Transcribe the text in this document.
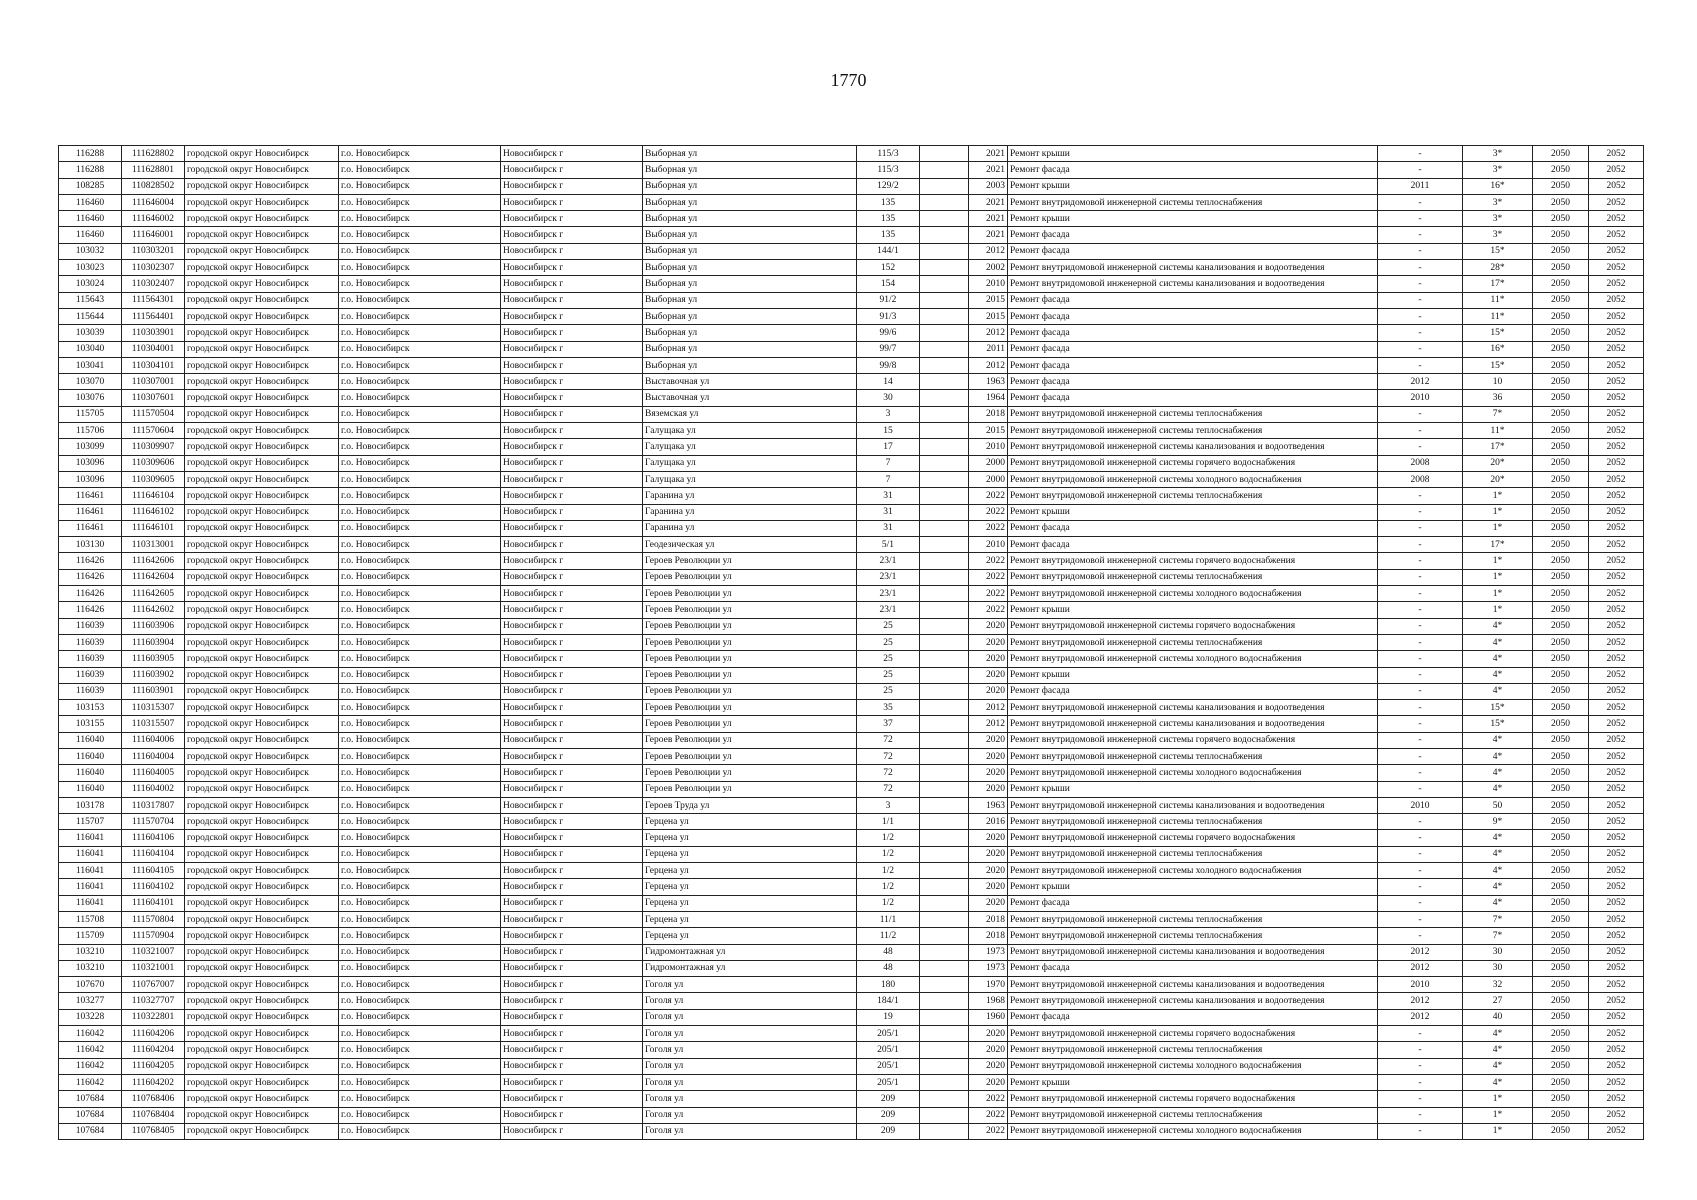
1770
116288	111628802	городской округ Новосибирск	г.о. Новосибирск	Новосибирск г	Выборная ул	115/3		2021	Ремонт крыши	-	3*	2050	2052
116288	111628801	городской округ Новосибирск	г.о. Новосибирск	Новосибирск г	Выборная ул	115/3		2021	Ремонт фасада	-	3*	2050	2052
108285	110828502	городской округ Новосибирск	г.о. Новосибирск	Новосибирск г	Выборная ул	129/2		2003	Ремонт крыши	2011	16*	2050	2052
116460	111646004	городской округ Новосибирск	г.о. Новосибирск	Новосибирск г	Выборная ул	135		2021	Ремонт внутридомовой инженерной системы теплоснабжения	-	3*	2050	2052
116460	111646002	городской округ Новосибирск	г.о. Новосибирск	Новосибирск г	Выборная ул	135		2021	Ремонт крыши	-	3*	2050	2052
116460	111646001	городской округ Новосибирск	г.о. Новосибирск	Новосибирск г	Выборная ул	135		2021	Ремонт фасада	-	3*	2050	2052
103032	110303201	городской округ Новосибирск	г.о. Новосибирск	Новосибирск г	Выборная ул	144/1		2012	Ремонт фасада	-	15*	2050	2052
103023	110302307	городской округ Новосибирск	г.о. Новосибирск	Новосибирск г	Выборная ул	152		2002	Ремонт внутридомовой инженерной системы канализования и водоотведения	-	28*	2050	2052
103024	110302407	городской округ Новосибирск	г.о. Новосибирск	Новосибирск г	Выборная ул	154		2010	Ремонт внутридомовой инженерной системы канализования и водоотведения	-	17*	2050	2052
115643	111564301	городской округ Новосибирск	г.о. Новосибирск	Новосибирск г	Выборная ул	91/2		2015	Ремонт фасада	-	11*	2050	2052
115644	111564401	городской округ Новосибирск	г.о. Новосибирск	Новосибирск г	Выборная ул	91/3		2015	Ремонт фасада	-	11*	2050	2052
103039	110303901	городской округ Новосибирск	г.о. Новосибирск	Новосибирск г	Выборная ул	99/6		2012	Ремонт фасада	-	15*	2050	2052
103040	110304001	городской округ Новосибирск	г.о. Новосибирск	Новосибирск г	Выборная ул	99/7		2011	Ремонт фасада	-	16*	2050	2052
103041	110304101	городской округ Новосибирск	г.о. Новосибирск	Новосибирск г	Выборная ул	99/8		2012	Ремонт фасада	-	15*	2050	2052
103070	110307001	городской округ Новосибирск	г.о. Новосибирск	Новосибирск г	Выставочная ул	14		1963	Ремонт фасада	2012	10	2050	2052
103076	110307601	городской округ Новосибирск	г.о. Новосибирск	Новосибирск г	Выставочная ул	30		1964	Ремонт фасада	2010	36	2050	2052
115705	111570504	городской округ Новосибирск	г.о. Новосибирск	Новосибирск г	Вяземская ул	3		2018	Ремонт внутридомовой инженерной системы теплоснабжения	-	7*	2050	2052
115706	111570604	городской округ Новосибирск	г.о. Новосибирск	Новосибирск г	Галущака ул	15		2015	Ремонт внутридомовой инженерной системы теплоснабжения	-	11*	2050	2052
103099	110309907	городской округ Новосибирск	г.о. Новосибирск	Новосибирск г	Галущака ул	17		2010	Ремонт внутридомовой инженерной системы канализования и водоотведения	-	17*	2050	2052
103096	110309606	городской округ Новосибирск	г.о. Новосибирск	Новосибирск г	Галущака ул	7		2000	Ремонт внутридомовой инженерной системы горячего водоснабжения	2008	20*	2050	2052
103096	110309605	городской округ Новосибирск	г.о. Новосибирск	Новосибирск г	Галущака ул	7		2000	Ремонт внутридомовой инженерной системы холодного водоснабжения	2008	20*	2050	2052
116461	111646104	городской округ Новосибирск	г.о. Новосибирск	Новосибирск г	Гаранина ул	31		2022	Ремонт внутридомовой инженерной системы теплоснабжения	-	1*	2050	2052
116461	111646102	городской округ Новосибирск	г.о. Новосибирск	Новосибирск г	Гаранина ул	31		2022	Ремонт крыши	-	1*	2050	2052
116461	111646101	городской округ Новосибирск	г.о. Новосибирск	Новосибирск г	Гаранина ул	31		2022	Ремонт фасада	-	1*	2050	2052
103130	110313001	городской округ Новосибирск	г.о. Новосибирск	Новосибирск г	Геодезическая ул	5/1		2010	Ремонт фасада	-	17*	2050	2052
116426	111642606	городской округ Новосибирск	г.о. Новосибирск	Новосибирск г	Героев Революции ул	23/1		2022	Ремонт внутридомовой инженерной системы горячего водоснабжения	-	1*	2050	2052
116426	111642604	городской округ Новосибирск	г.о. Новосибирск	Новосибирск г	Героев Революции ул	23/1		2022	Ремонт внутридомовой инженерной системы теплоснабжения	-	1*	2050	2052
116426	111642605	городской округ Новосибирск	г.о. Новосибирск	Новосибирск г	Героев Революции ул	23/1		2022	Ремонт внутридомовой инженерной системы холодного водоснабжения	-	1*	2050	2052
116426	111642602	городской округ Новосибирск	г.о. Новосибирск	Новосибирск г	Героев Революции ул	23/1		2022	Ремонт крыши	-	1*	2050	2052
116039	111603906	городской округ Новосибирск	г.о. Новосибирск	Новосибирск г	Героев Революции ул	25		2020	Ремонт внутридомовой инженерной системы горячего водоснабжения	-	4*	2050	2052
116039	111603904	городской округ Новосибирск	г.о. Новосибирск	Новосибирск г	Героев Революции ул	25		2020	Ремонт внутридомовой инженерной системы теплоснабжения	-	4*	2050	2052
116039	111603905	городской округ Новосибирск	г.о. Новосибирск	Новосибирск г	Героев Революции ул	25		2020	Ремонт внутридомовой инженерной системы холодного водоснабжения	-	4*	2050	2052
116039	111603902	городской округ Новосибирск	г.о. Новосибирск	Новосибирск г	Героев Революции ул	25		2020	Ремонт крыши	-	4*	2050	2052
116039	111603901	городской округ Новосибирск	г.о. Новосибирск	Новосибирск г	Героев Революции ул	25		2020	Ремонт фасада	-	4*	2050	2052
103153	110315307	городской округ Новосибирск	г.о. Новосибирск	Новосибирск г	Героев Революции ул	35		2012	Ремонт внутридомовой инженерной системы канализования и водоотведения	-	15*	2050	2052
103155	110315507	городской округ Новосибирск	г.о. Новосибирск	Новосибирск г	Героев Революции ул	37		2012	Ремонт внутридомовой инженерной системы канализования и водоотведения	-	15*	2050	2052
116040	111604006	городской округ Новосибирск	г.о. Новосибирск	Новосибирск г	Героев Революции ул	72		2020	Ремонт внутридомовой инженерной системы горячего водоснабжения	-	4*	2050	2052
116040	111604004	городской округ Новосибирск	г.о. Новосибирск	Новосибирск г	Героев Революции ул	72		2020	Ремонт внутридомовой инженерной системы теплоснабжения	-	4*	2050	2052
116040	111604005	городской округ Новосибирск	г.о. Новосибирск	Новосибирск г	Героев Революции ул	72		2020	Ремонт внутридомовой инженерной системы холодного водоснабжения	-	4*	2050	2052
116040	111604002	городской округ Новосибирск	г.о. Новосибирск	Новосибирск г	Героев Революции ул	72		2020	Ремонт крыши	-	4*	2050	2052
103178	110317807	городской округ Новосибирск	г.о. Новосибирск	Новосибирск г	Героев Труда ул	3		1963	Ремонт внутридомовой инженерной системы канализования и водоотведения	2010	50	2050	2052
115707	111570704	городской округ Новосибирск	г.о. Новосибирск	Новосибирск г	Герцена ул	1/1		2016	Ремонт внутридомовой инженерной системы теплоснабжения	-	9*	2050	2052
116041	111604106	городской округ Новосибирск	г.о. Новосибирск	Новосибирск г	Герцена ул	1/2		2020	Ремонт внутридомовой инженерной системы горячего водоснабжения	-	4*	2050	2052
116041	111604104	городской округ Новосибирск	г.о. Новосибирск	Новосибирск г	Герцена ул	1/2		2020	Ремонт внутридомовой инженерной системы теплоснабжения	-	4*	2050	2052
116041	111604105	городской округ Новосибирск	г.о. Новосибирск	Новосибирск г	Герцена ул	1/2		2020	Ремонт внутридомовой инженерной системы холодного водоснабжения	-	4*	2050	2052
116041	111604102	городской округ Новосибирск	г.о. Новосибирск	Новосибирск г	Герцена ул	1/2		2020	Ремонт крыши	-	4*	2050	2052
116041	111604101	городской округ Новосибирск	г.о. Новосибирск	Новосибирск г	Герцена ул	1/2		2020	Ремонт фасада	-	4*	2050	2052
115708	111570804	городской округ Новосибирск	г.о. Новосибирск	Новосибирск г	Герцена ул	11/1		2018	Ремонт внутридомовой инженерной системы теплоснабжения	-	7*	2050	2052
115709	111570904	городской округ Новосибирск	г.о. Новосибирск	Новосибирск г	Герцена ул	11/2		2018	Ремонт внутридомовой инженерной системы теплоснабжения	-	7*	2050	2052
103210	110321007	городской округ Новосибирск	г.о. Новосибирск	Новосибирск г	Гидромонтажная ул	48		1973	Ремонт внутридомовой инженерной системы канализования и водоотведения	2012	30	2050	2052
103210	110321001	городской округ Новосибирск	г.о. Новосибирск	Новосибирск г	Гидромонтажная ул	48		1973	Ремонт фасада	2012	30	2050	2052
107670	110767007	городской округ Новосибирск	г.о. Новосибирск	Новосибирск г	Гоголя ул	180		1970	Ремонт внутридомовой инженерной системы канализования и водоотведения	2010	32	2050	2052
103277	110327707	городской округ Новосибирск	г.о. Новосибирск	Новосибирск г	Гоголя ул	184/1		1968	Ремонт внутридомовой инженерной системы канализования и водоотведения	2012	27	2050	2052
103228	110322801	городской округ Новосибирск	г.о. Новосибирск	Новосибирск г	Гоголя ул	19		1960	Ремонт фасада	2012	40	2050	2052
116042	111604206	городской округ Новосибирск	г.о. Новосибирск	Новосибирск г	Гоголя ул	205/1		2020	Ремонт внутридомовой инженерной системы горячего водоснабжения	-	4*	2050	2052
116042	111604204	городской округ Новосибирск	г.о. Новосибирск	Новосибирск г	Гоголя ул	205/1		2020	Ремонт внутридомовой инженерной системы теплоснабжения	-	4*	2050	2052
116042	111604205	городской округ Новосибирск	г.о. Новосибирск	Новосибирск г	Гоголя ул	205/1		2020	Ремонт внутридомовой инженерной системы холодного водоснабжения	-	4*	2050	2052
116042	111604202	городской округ Новосибирск	г.о. Новосибирск	Новосибирск г	Гоголя ул	205/1		2020	Ремонт крыши	-	4*	2050	2052
107684	110768406	городской округ Новосибирск	г.о. Новосибирск	Новосибирск г	Гоголя ул	209		2022	Ремонт внутридомовой инженерной системы горячего водоснабжения	-	1*	2050	2052
107684	110768404	городской округ Новосибирск	г.о. Новосибирск	Новосибирск г	Гоголя ул	209		2022	Ремонт внутридомовой инженерной системы теплоснабжения	-	1*	2050	2052
107684	110768405	городской округ Новосибирск	г.о. Новосибирск	Новосибирск г	Гоголя ул	209		2022	Ремонт внутридомовой инженерной системы холодного водоснабжения	-	1*	2050	2052
